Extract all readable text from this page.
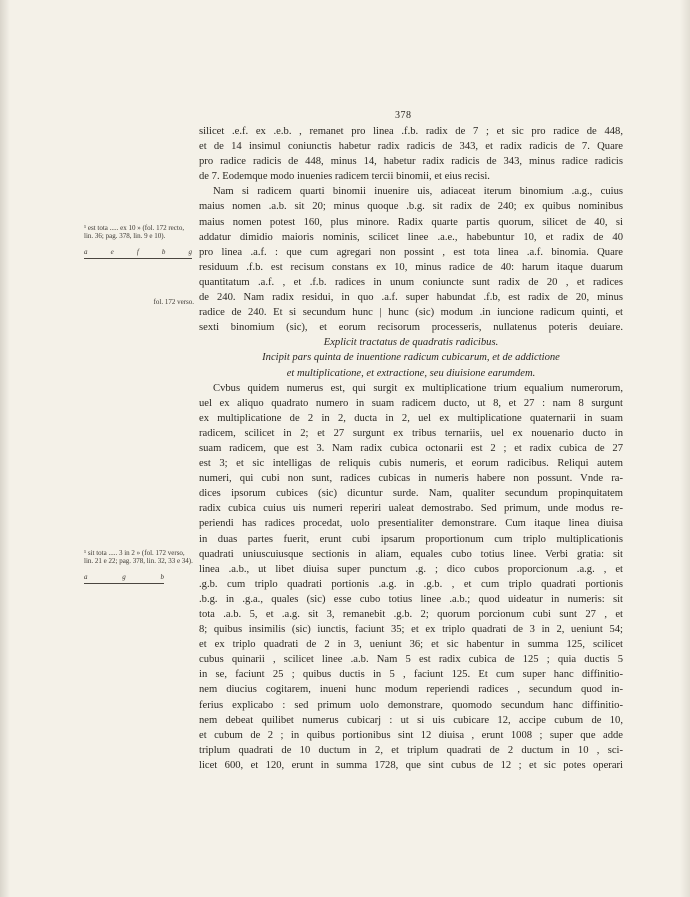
378
¹ est tota ..... ex 10 » (fol. 172 recto, lin. 36; pag. 378, lin. 9 e 10).
a	e	f	b	g
fol. 172 verso.
¹ sit tota ..... 3 in 2 » (fol. 172 verso, lin. 21 e 22; pag. 378, lin. 32, 33 e 34).
a	g	b
silicet .e.f. ex .e.b. , remanet pro linea .f.b. radix de 7 ; et sic pro radice de 448,
et de 14 insimul coniunctis habetur radix radicis de 343, et radix radicis de 7. Quare
pro radice radicis de 448, minus 14, habetur radix radicis de 343, minus radice radicis
de 7. Eodemque modo inuenies radicem tercii binomii, et eius recisi.
Nam si radicem quarti binomii inuenire uis, adiaceat iterum binomium .a.g., cuius
maius nomen .a.b. sit 20; minus quoque .b.g. sit radix de 240; ex quibus nominibus
maius nomen potest 160, plus minore. Radix quarte partis quorum, silicet de 40, si
addatur dimidio maioris nominis, scilicet linee .a.e., habebuntur 10, et radix de 40
pro linea .a.f. : que cum agregari non possint , est tota linea .a.f. binomia. Quare
residuum .f.b. est recisum constans ex 10, minus radice de 40: harum itaque duarum
quantitatum .a.f. , et .f.b. radices in unum coniuncte sunt radix de 20 , et radices
de 240. Nam radix residui, in quo .a.f. super habundat .f.b, est radix de 20, minus
radice de 240. Et si secundum hunc | hunc (sic) modum .in iuncione radicum quinti, et
sexti binomium (sic), et eorum recisorum processeris, nullatenus poteris deuiare.
Explicit tractatus de quadratis radicibus.
Incipit pars quinta de inuentione radicum cubicarum, et de addictione
et multiplicatione, et extractione, seu diuisione earumdem.
Cvbus quidem numerus est, qui surgit ex multiplicatione trium equalium numerorum,
uel ex aliquo quadrato numero in suam radicem ducto, ut 8, et 27 : nam 8 surgunt
ex multiplicatione de 2 in 2, ducta in 2, uel ex multiplicatione quaternarii in suam
radicem, scilicet in 2; et 27 surgunt ex tribus ternariis, uel ex nouenario ducto in
suam radicem, que est 3. Nam radix cubica octonarii est 2 ; et radix cubica de 27
est 3; et sic intelligas de reliquis cubis numeris, et eorum radicibus. Reliqui autem
numeri, qui cubi non sunt, radices cubicas in numeris habere non possunt. Vnde ra-
dices ipsorum cubices (sic) dicuntur surde. Nam, qualiter secundum propinquitatem
radix cubica cuius uis numeri reperiri ualeat demostrabo. Sed primum, unde modus re-
periendi has radices procedat, uolo presentialiter demonstrare. Cum itaque linea diuisa
in duas partes fuerit, erunt cubi ipsarum proportionum cum triplo multiplicationis
quadrati uniuscuiusque sectionis in aliam, equales cubo totius linee. Verbi gratia: sit
linea .a.b., ut libet diuisa super punctum .g. ; dico cubos proporcionum .a.g. , et
.g.b. cum triplo quadrati portionis .a.g. in .g.b. , et cum triplo quadrati portionis
.b.g. in .g.a., quales (sic) esse cubo totius linee .a.b.; quod uideatur in numeris: sit
tota .a.b. 5, et .a.g. sit 3, remanebit .g.b. 2; quorum porcionum cubi sunt 27 , et
8; quibus insimilis (sic) iunctis, faciunt 35; et ex triplo quadrati de 3 in 2, ueniunt 54;
et ex triplo quadrati de 2 in 3, ueniunt 36; et sic habentur in summa 125, scilicet
cubus quinarii , scilicet linee .a.b. Nam 5 est radix cubica de 125 ; quia ductis 5
in se, faciunt 25 ; quibus ductis in 5 , faciunt 125. Et cum super hanc diffinitio-
nem diucius cogitarem, inueni hunc modum reperiendi radices , secundum quod in-
ferius explicabo : sed primum uolo demonstrare, quomodo secundum hanc diffinitio-
nem debeat quilibet numerus cubicarj : ut si uis cubicare 12, accipe cubum de 10,
et cubum de 2 ; in quibus portionibus sint 12 diuisa , erunt 1008 ; super que adde
triplum quadrati de 10 ductum in 2, et triplum quadrati de 2 ductum in 10 , sci-
licet 600, et 120, erunt in summa 1728, que sint cubus de 12 ; et sic potes operari
